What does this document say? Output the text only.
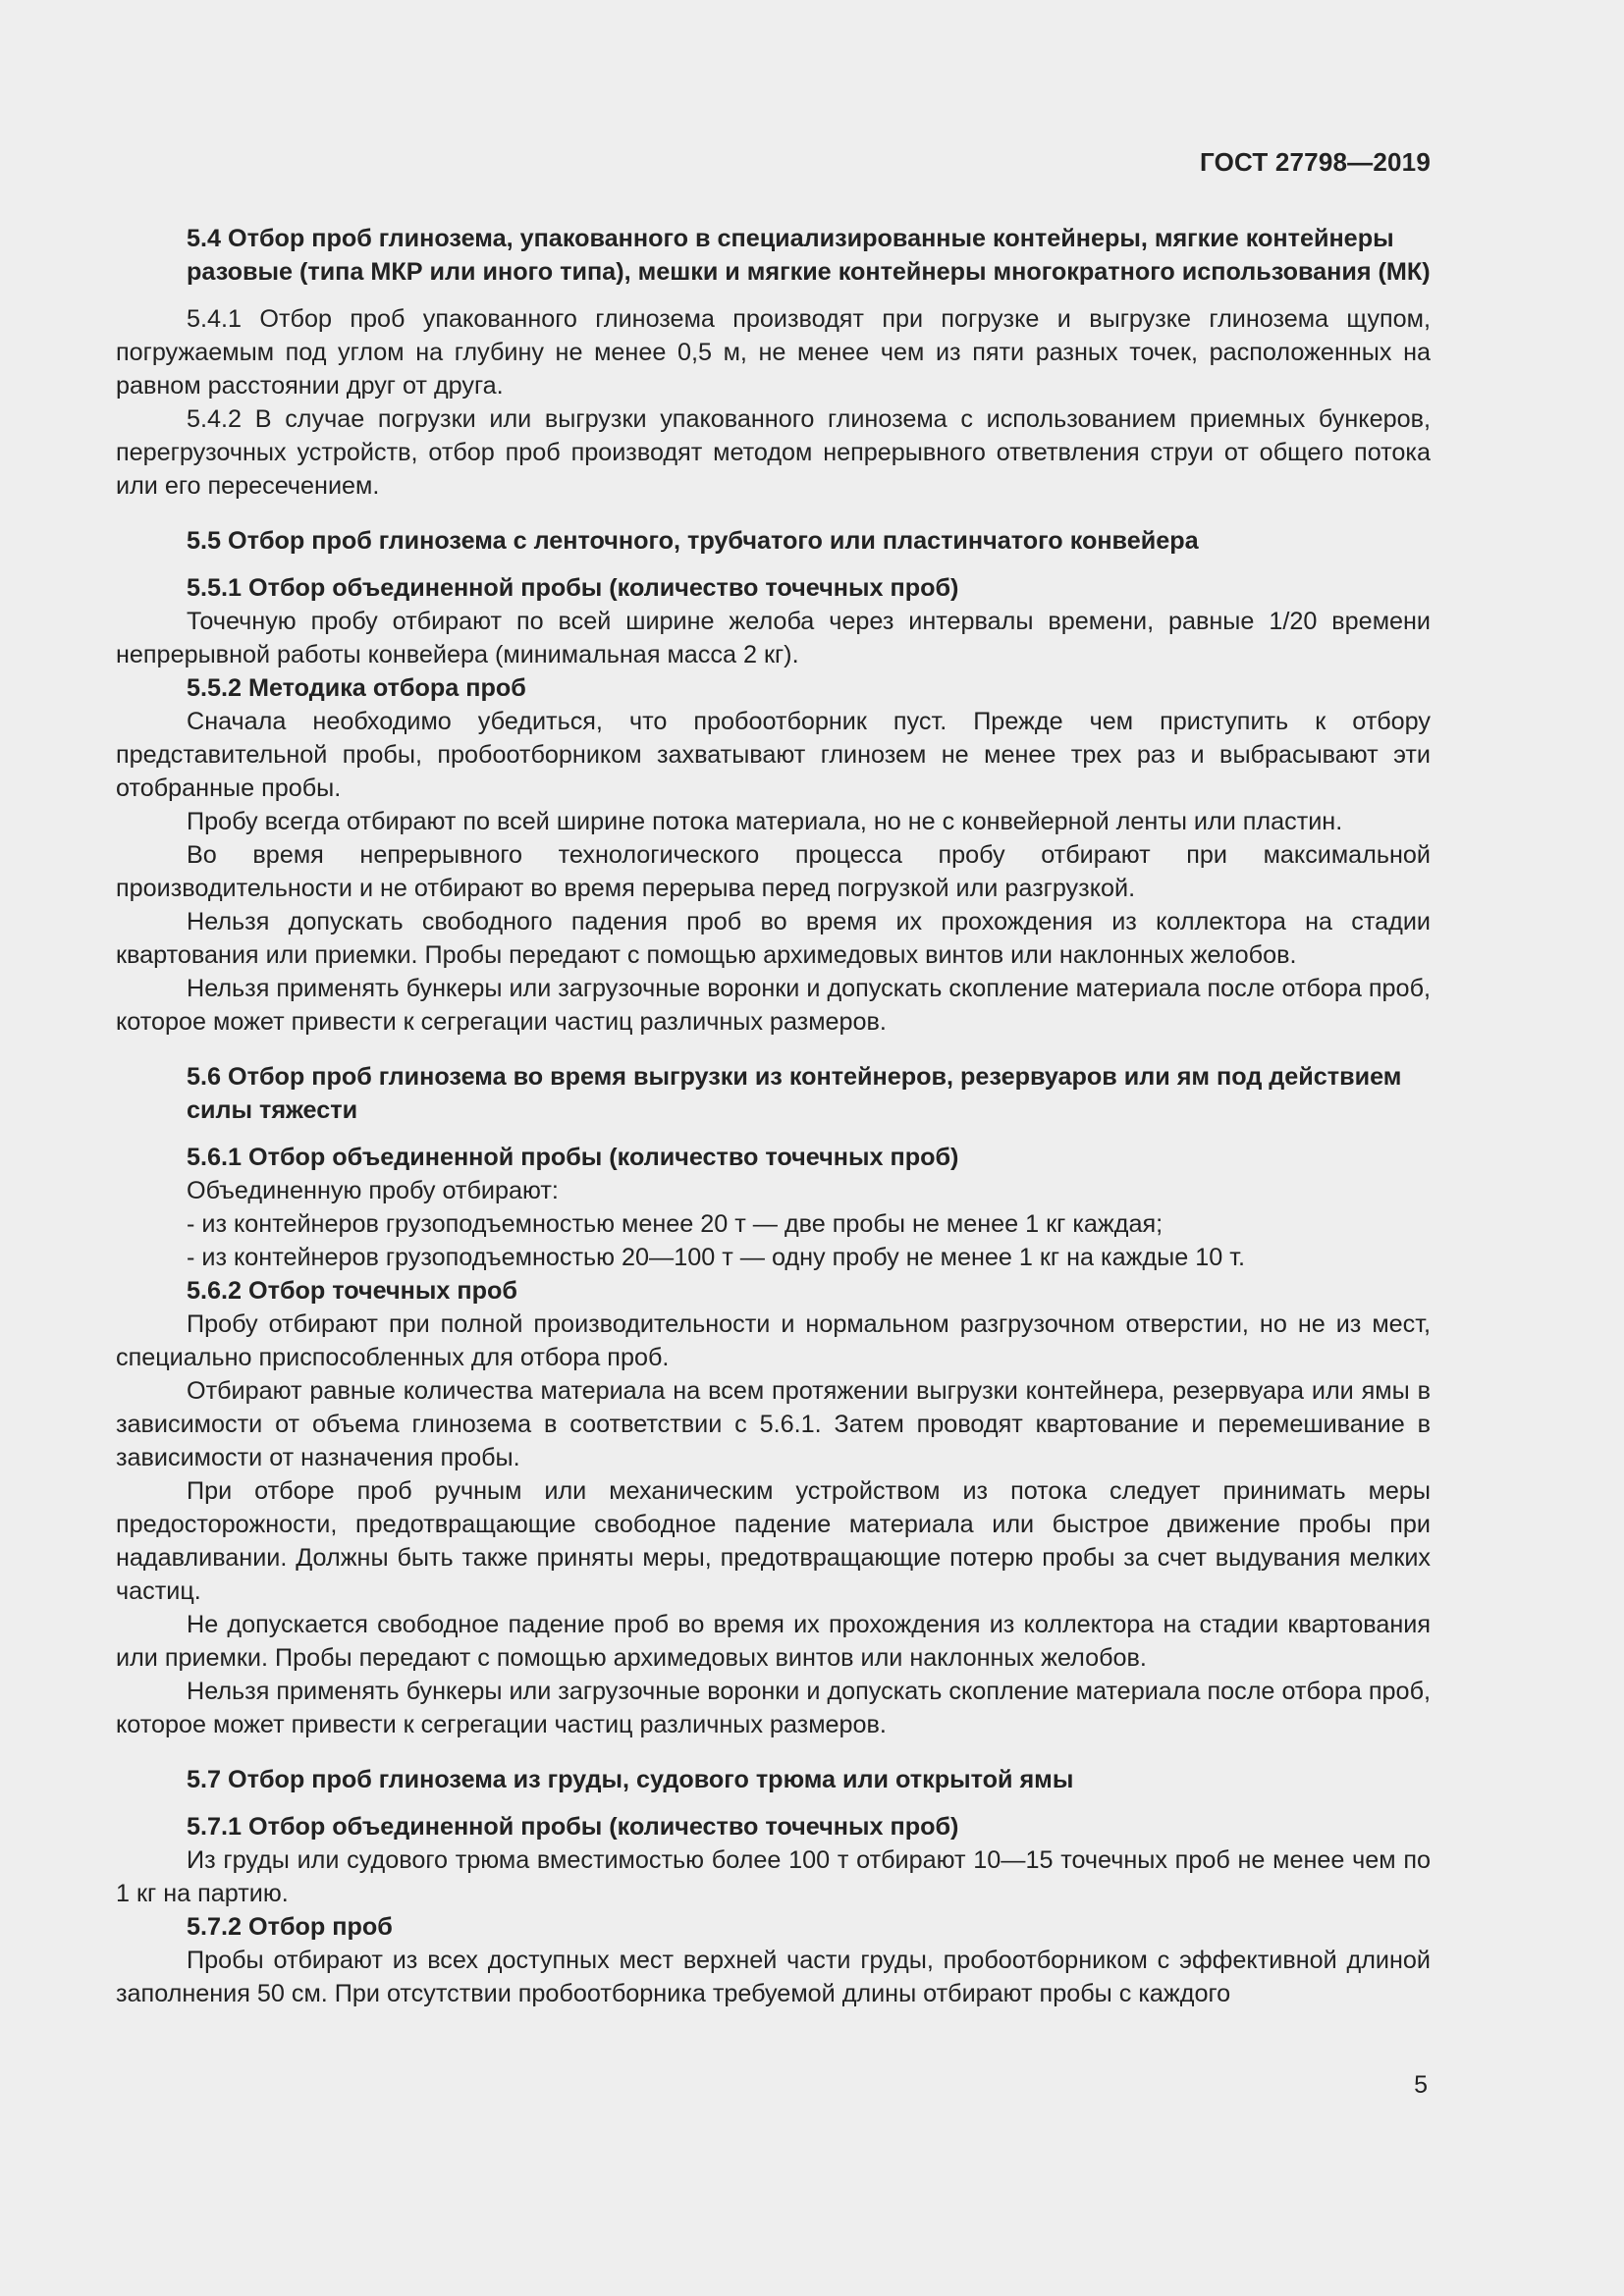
ГОСТ 27798—2019
5.4 Отбор проб глинозема, упакованного в специализированные контейнеры, мягкие контейнеры разовые (типа МКР или иного типа), мешки и мягкие контейнеры многократного использования (МК)
5.4.1 Отбор проб упакованного глинозема производят при погрузке и выгрузке глинозема щупом, погружаемым под углом на глубину не менее 0,5 м, не менее чем из пяти разных точек, расположенных на равном расстоянии друг от друга.
5.4.2 В случае погрузки или выгрузки упакованного глинозема с использованием приемных бункеров, перегрузочных устройств, отбор проб производят методом непрерывного ответвления струи от общего потока или его пересечением.
5.5 Отбор проб глинозема с ленточного, трубчатого или пластинчатого конвейера
5.5.1 Отбор объединенной пробы (количество точечных проб)
Точечную пробу отбирают по всей ширине желоба через интервалы времени, равные 1/20 времени непрерывной работы конвейера (минимальная масса 2 кг).
5.5.2 Методика отбора проб
Сначала необходимо убедиться, что пробоотборник пуст. Прежде чем приступить к отбору представительной пробы, пробоотборником захватывают глинозем не менее трех раз и выбрасывают эти отобранные пробы.
Пробу всегда отбирают по всей ширине потока материала, но не с конвейерной ленты или пластин.
Во время непрерывного технологического процесса пробу отбирают при максимальной производительности и не отбирают во время перерыва перед погрузкой или разгрузкой.
Нельзя допускать свободного падения проб во время их прохождения из коллектора на стадии квартования или приемки. Пробы передают с помощью архимедовых винтов или наклонных желобов.
Нельзя применять бункеры или загрузочные воронки и допускать скопление материала после отбора проб, которое может привести к сегрегации частиц различных размеров.
5.6 Отбор проб глинозема во время выгрузки из контейнеров, резервуаров или ям под действием силы тяжести
5.6.1 Отбор объединенной пробы (количество точечных проб)
Объединенную пробу отбирают:
- из контейнеров грузоподъемностью менее 20 т — две пробы не менее 1 кг каждая;
- из контейнеров грузоподъемностью 20—100 т — одну пробу не менее 1 кг на каждые 10 т.
5.6.2 Отбор точечных проб
Пробу отбирают при полной производительности и нормальном разгрузочном отверстии, но не из мест, специально приспособленных для отбора проб.
Отбирают равные количества материала на всем протяжении выгрузки контейнера, резервуара или ямы в зависимости от объема глинозема в соответствии с 5.6.1. Затем проводят квартование и перемешивание в зависимости от назначения пробы.
При отборе проб ручным или механическим устройством из потока следует принимать меры предосторожности, предотвращающие свободное падение материала или быстрое движение пробы при надавливании. Должны быть также приняты меры, предотвращающие потерю пробы за счет выдувания мелких частиц.
Не допускается свободное падение проб во время их прохождения из коллектора на стадии квартования или приемки. Пробы передают с помощью архимедовых винтов или наклонных желобов.
Нельзя применять бункеры или загрузочные воронки и допускать скопление материала после отбора проб, которое может привести к сегрегации частиц различных размеров.
5.7 Отбор проб глинозема из груды, судового трюма или открытой ямы
5.7.1 Отбор объединенной пробы (количество точечных проб)
Из груды или судового трюма вместимостью более 100 т отбирают 10—15 точечных проб не менее чем по 1 кг на партию.
5.7.2 Отбор проб
Пробы отбирают из всех доступных мест верхней части груды, пробоотборником с эффективной длиной заполнения 50 см. При отсутствии пробоотборника требуемой длины отбирают пробы с каждого
5
